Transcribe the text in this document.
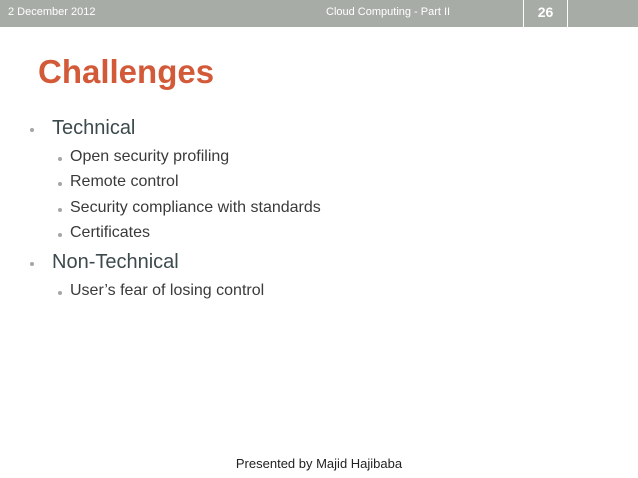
2 December 2012	Cloud Computing - Part II	26
Challenges
Technical
Open security profiling
Remote control
Security compliance with standards
Certificates
Non-Technical
User’s fear of losing control
Presented by Majid Hajibaba
